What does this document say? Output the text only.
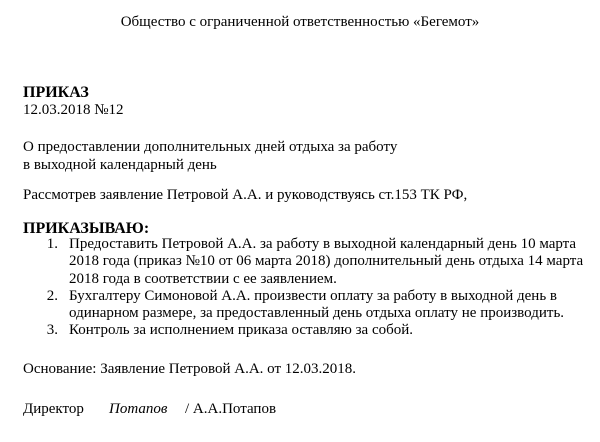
Общество с ограниченной ответственностью «Бегемот»
ПРИКАЗ
12.03.2018 №12
О предоставлении дополнительных дней отдыха за работу
в выходной календарный день
Рассмотрев заявление Петровой А.А. и руководствуясь ст.153 ТК РФ,
ПРИКАЗЫВАЮ:
1. Предоставить Петровой А.А. за работу в выходной календарный день 10 марта
2018 года (приказ №10 от 06 марта 2018) дополнительный день отдыха 14 марта
2018 года в соответствии с ее заявлением.
2. Бухгалтеру Симоновой А.А. произвести оплату за работу в выходной день в
одинарном размере, за предоставленный день отдыха оплату не производить.
3. Контроль за исполнением приказа оставляю за собой.
Основание: Заявление Петровой А.А. от 12.03.2018.
Директор Потапов / А.А.Потапов
